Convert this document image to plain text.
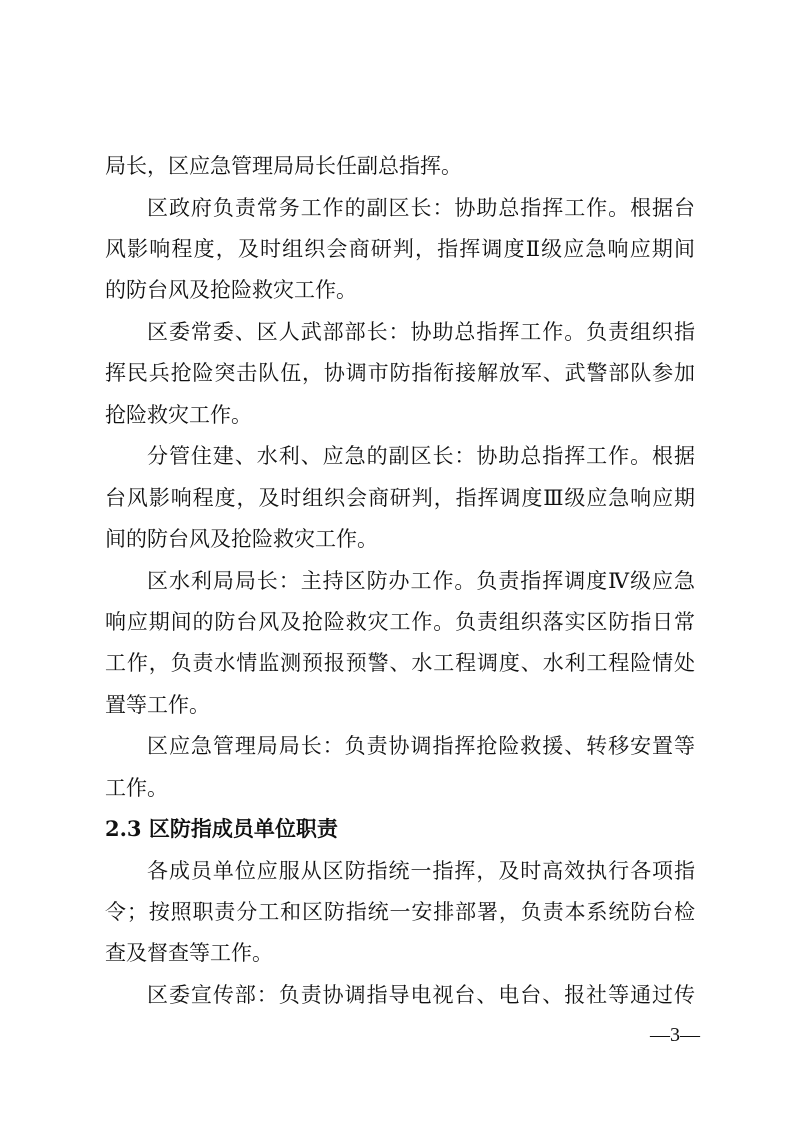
局长，区应急管理局局长任副总指挥。
区政府负责常务工作的副区长：协助总指挥工作。根据台
风影响程度，及时组织会商研判，指挥调度Ⅱ级应急响应期间
的防台风及抢险救灾工作。
区委常委、区人武部部长：协助总指挥工作。负责组织指
挥民兵抢险突击队伍，协调市防指衔接解放军、武警部队参加
抢险救灾工作。
分管住建、水利、应急的副区长：协助总指挥工作。根据
台风影响程度，及时组织会商研判，指挥调度Ⅲ级应急响应期
间的防台风及抢险救灾工作。
区水利局局长：主持区防办工作。负责指挥调度Ⅳ级应急
响应期间的防台风及抢险救灾工作。负责组织落实区防指日常
工作，负责水情监测预报预警、水工程调度、水利工程险情处
置等工作。
区应急管理局局长：负责协调指挥抢险救援、转移安置等
工作。
2.3 区防指成员单位职责
各成员单位应服从区防指统一指挥，及时高效执行各项指
令；按照职责分工和区防指统一安排部署，负责本系统防台检
查及督查等工作。
区委宣传部：负责协调指导电视台、电台、报社等通过传
—3—
